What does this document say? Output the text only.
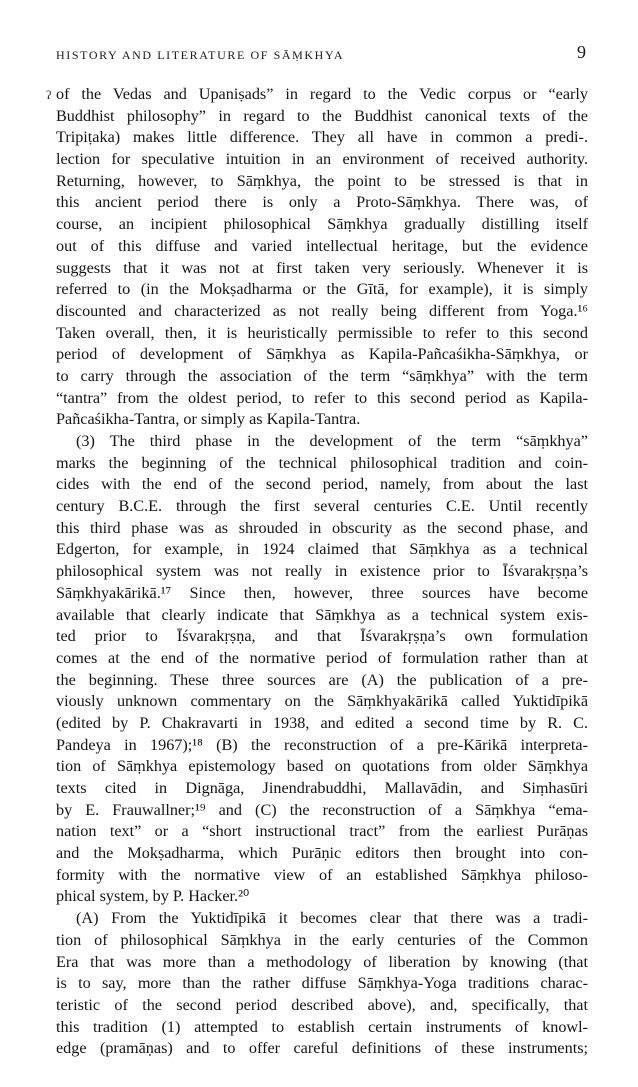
HISTORY AND LITERATURE OF SĀṂKHYA	9
ʔ of the Vedas and Upaniṣads” in regard to the Vedic corpus or “early
Buddhist philosophy” in regard to the Buddhist canonical texts of the
Tripiṭaka) makes little difference. They all have in common a predi-.
lection for speculative intuition in an environment of received authority.
Returning, however, to Sāṃkhya, the point to be stressed is that in
this ancient period there is only a Proto-Sāṃkhya. There was, of
course, an incipient philosophical Sāṃkhya gradually distilling itself
out of this diffuse and varied intellectual heritage, but the evidence
suggests that it was not at first taken very seriously. Whenever it is
referred to (in the Mokṣadharma or the Gītā, for example), it is simply
discounted and characterized as not really being different from Yoga.¹⁶
Taken overall, then, it is heuristically permissible to refer to this second
period of development of Sāṃkhya as Kapila-Pañcaśikha-Sāṃkhya, or
to carry through the association of the term “sāṃkhya” with the term
“tantra” from the oldest period, to refer to this second period as Kapila-
Pañcaśikha-Tantra, or simply as Kapila-Tantra.
(3) The third phase in the development of the term “sāṃkhya”
marks the beginning of the technical philosophical tradition and coin-
cides with the end of the second period, namely, from about the last
century B.C.E. through the first several centuries C.E. Until recently
this third phase was as shrouded in obscurity as the second phase, and
Edgerton, for example, in 1924 claimed that Sāṃkhya as a technical
philosophical system was not really in existence prior to Īśvarakṛṣṇa’s
Sāṃkhyakārikā.¹⁷ Since then, however, three sources have become
available that clearly indicate that Sāṃkhya as a technical system exis-
ted prior to Īśvarakṛṣṇa, and that Īśvarakṛṣṇa’s own formulation
comes at the end of the normative period of formulation rather than at
the beginning. These three sources are (A) the publication of a pre-
viously unknown commentary on the Sāṃkhyakārikā called Yuktidīpikā
(edited by P. Chakravarti in 1938, and edited a second time by R. C.
Pandeya in 1967);¹⁸ (B) the reconstruction of a pre-Kārikā interpreta-
tion of Sāṃkhya epistemology based on quotations from older Sāṃkhya
texts cited in Dignāga, Jinendrabuddhi, Mallavādin, and Siṃhasūri
by E. Frauwallner;¹⁹ and (C) the reconstruction of a Sāṃkhya “ema-
nation text” or a “short instructional tract” from the earliest Purāṇas
and the Mokṣadharma, which Purāṇic editors then brought into con-
formity with the normative view of an established Sāṃkhya philoso-
phical system, by P. Hacker.²⁰
(A) From the Yuktidīpikā it becomes clear that there was a tradi-
tion of philosophical Sāṃkhya in the early centuries of the Common
Era that was more than a methodology of liberation by knowing (that
is to say, more than the rather diffuse Sāṃkhya-Yoga traditions charac-
teristic of the second period described above), and, specifically, that
this tradition (1) attempted to establish certain instruments of knowl-
edge (pramāṇas) and to offer careful definitions of these instruments;
